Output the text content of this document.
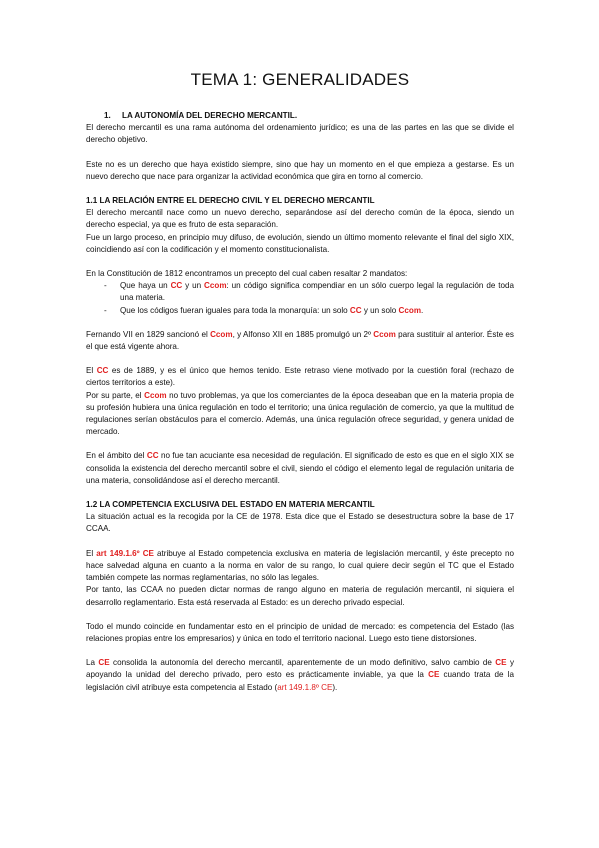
TEMA 1: GENERALIDADES
1. LA AUTONOMÍA DEL DERECHO MERCANTIL.

El derecho mercantil es una rama autónoma del ordenamiento jurídico; es una de las partes en las que se divide el derecho objetivo.

Este no es un derecho que haya existido siempre, sino que hay un momento en el que empieza a gestarse. Es un nuevo derecho que nace para organizar la actividad económica que gira en torno al comercio.

1.1 LA RELACIÓN ENTRE EL DERECHO CIVIL Y EL DERECHO MERCANTIL

El derecho mercantil nace como un nuevo derecho, separándose así del derecho común de la época, siendo un derecho especial, ya que es fruto de esta separación.

Fue un largo proceso, en principio muy difuso, de evolución, siendo un último momento relevante el final del siglo XIX, coincidiendo así con la codificación y el momento constitucionalista.

En la Constitución de 1812 encontramos un precepto del cual caben resaltar 2 mandatos:

- Que haya un CC y un Ccom: un código significa compendiar en un sólo cuerpo legal la regulación de toda una materia.
- Que los códigos fueran iguales para toda la monarquía: un solo CC y un solo Ccom.

Fernando VII en 1829 sancionó el Ccom, y Alfonso XII en 1885 promulgó un 2º Ccom para sustituir al anterior. Éste es el que está vigente ahora.

El CC es de 1889, y es el único que hemos tenido. Este retraso viene motivado por la cuestión foral (rechazo de ciertos territorios a este).

Por su parte, el Ccom no tuvo problemas, ya que los comerciantes de la época deseaban que en la materia propia de su profesión hubiera una única regulación en todo el territorio; una única regulación de comercio, ya que la multitud de regulaciones serían obstáculos para el comercio. Además, una única regulación ofrece seguridad, y genera unidad de mercado.

En el ámbito del CC no fue tan acuciante esa necesidad de regulación. El significado de esto es que en el siglo XIX se consolida la existencia del derecho mercantil sobre el civil, siendo el código el elemento legal de regulación unitaria de una materia, consolidándose así el derecho mercantil.

1.2 LA COMPETENCIA EXCLUSIVA DEL ESTADO EN MATERIA MERCANTIL

La situación actual es la recogida por la CE de 1978. Esta dice que el Estado se desestructura sobre la base de 17 CCAA.

El art 149.1.6º CE atribuye al Estado competencia exclusiva en materia de legislación mercantil, y éste precepto no hace salvedad alguna en cuanto a la norma en valor de su rango, lo cual quiere decir según el TC que el Estado también compete las normas reglamentarias, no sólo las legales.

Por tanto, las CCAA no pueden dictar normas de rango alguno en materia de regulación mercantil, ni siquiera el desarrollo reglamentario. Esta está reservada al Estado: es un derecho privado especial.

Todo el mundo coincide en fundamentar esto en el principio de unidad de mercado: es competencia del Estado (las relaciones propias entre los empresarios) y única en todo el territorio nacional. Luego esto tiene distorsiones.

La CE consolida la autonomía del derecho mercantil, aparentemente de un modo definitivo, salvo cambio de CE y apoyando la unidad del derecho privado, pero esto es prácticamente inviable, ya que la CE cuando trata de la legislación civil atribuye esta competencia al Estado (art 149.1.8º CE).
